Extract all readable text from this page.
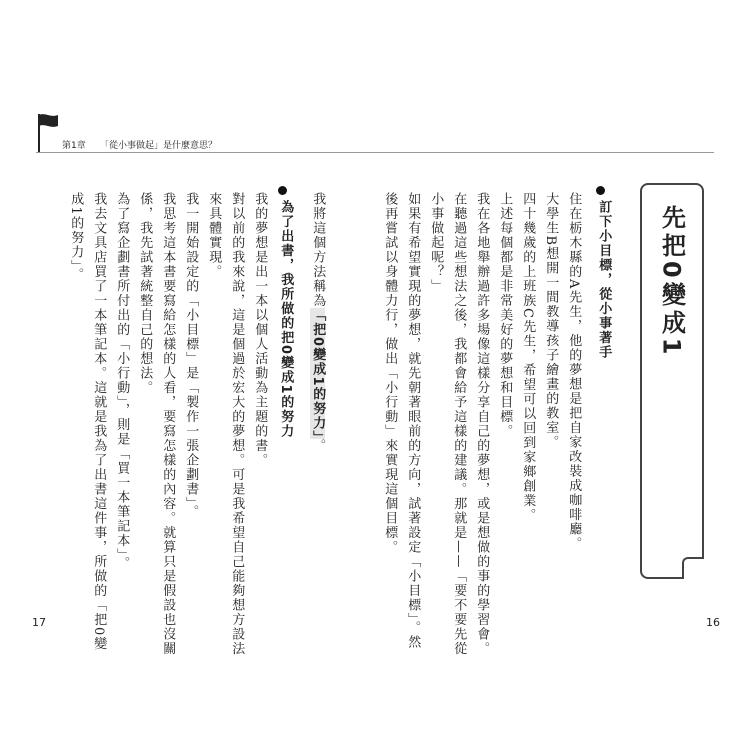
第1章 「從小事做起」是什麼意思？
17	16
先把0變成1
訂下小目標，從小事著手
住在栃木縣的A先生，他的夢想是把自家改裝成咖啡廳。
大學生B想開一間教導孩子繪畫的教室。
四十幾歲的上班族C先生，希望可以回到家鄉創業。
上述每個都是非常美好的夢想和目標。
我在各地舉辦過許多場像這樣分享自己的夢想，或是想做的事的學習會。
在聽過這些想法之後，我都會給予這樣的建議。那就是——「要不要先從
小事做起呢？」
如果有希望實現的夢想，就先朝著眼前的方向，試著設定「小目標」。然
後再嘗試以身體力行，做出「小行動」來實現這個目標。
我將這個方法稱為「把0變成1的努力」。
為了出書，我所做的把0變成1的努力
我的夢想是出一本以個人活動為主題的書。
對以前的我來說，這是個過於宏大的夢想。可是我希望自己能夠想方設法
來具體實現。
我一開始設定的「小目標」是「製作一張企劃書」。
我思考這本書要寫給怎樣的人看，要寫怎樣的內容。就算只是假設也沒關
係，我先試著統整自己的想法。
為了寫企劃書所付出的「小行動」，則是「買一本筆記本」。
我去文具店買了一本筆記本。這就是我為了出書這件事，所做的「把0變
成1的努力」。
